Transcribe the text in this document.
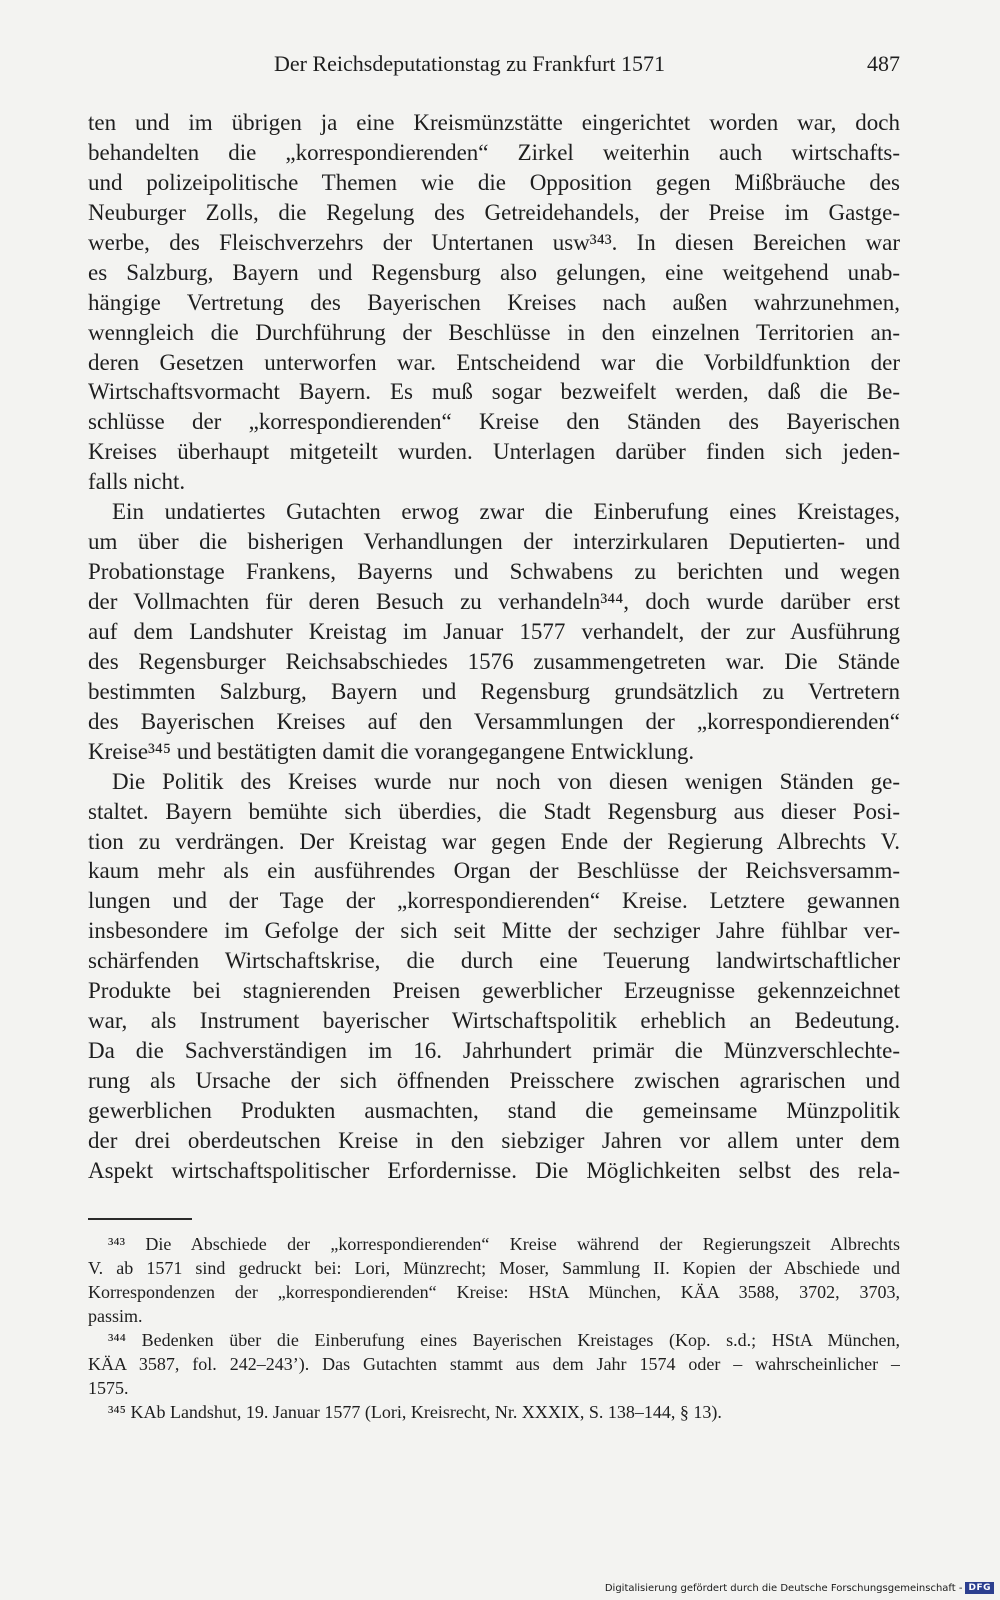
Der Reichsdeputationstag zu Frankfurt 1571	487
ten und im übrigen ja eine Kreismünzstätte eingerichtet worden war, doch
behandelten die „korrespondierenden“ Zirkel weiterhin auch wirtschafts-
und polizeipolitische Themen wie die Opposition gegen Mißbräuche des
Neuburger Zolls, die Regelung des Getreidehandels, der Preise im Gastge-
werbe, des Fleischverzehrs der Untertanen usw³⁴³. In diesen Bereichen war
es Salzburg, Bayern und Regensburg also gelungen, eine weitgehend unab-
hängige Vertretung des Bayerischen Kreises nach außen wahrzunehmen,
wenngleich die Durchführung der Beschlüsse in den einzelnen Territorien an-
deren Gesetzen unterworfen war. Entscheidend war die Vorbildfunktion der
Wirtschaftsvormacht Bayern. Es muß sogar bezweifelt werden, daß die Be-
schlüsse der „korrespondierenden“ Kreise den Ständen des Bayerischen
Kreises überhaupt mitgeteilt wurden. Unterlagen darüber finden sich jeden-
falls nicht.
Ein undatiertes Gutachten erwog zwar die Einberufung eines Kreistages,
um über die bisherigen Verhandlungen der interzirkularen Deputierten- und
Probationstage Frankens, Bayerns und Schwabens zu berichten und wegen
der Vollmachten für deren Besuch zu verhandeln³⁴⁴, doch wurde darüber erst
auf dem Landshuter Kreistag im Januar 1577 verhandelt, der zur Ausführung
des Regensburger Reichsabschiedes 1576 zusammengetreten war. Die Stände
bestimmten Salzburg, Bayern und Regensburg grundsätzlich zu Vertretern
des Bayerischen Kreises auf den Versammlungen der „korrespondierenden“
Kreise³⁴⁵ und bestätigten damit die vorangegangene Entwicklung.
Die Politik des Kreises wurde nur noch von diesen wenigen Ständen ge-
staltet. Bayern bemühte sich überdies, die Stadt Regensburg aus dieser Posi-
tion zu verdrängen. Der Kreistag war gegen Ende der Regierung Albrechts V.
kaum mehr als ein ausführendes Organ der Beschlüsse der Reichsversamm-
lungen und der Tage der „korrespondierenden“ Kreise. Letztere gewannen
insbesondere im Gefolge der sich seit Mitte der sechziger Jahre fühlbar ver-
schärfenden Wirtschaftskrise, die durch eine Teuerung landwirtschaftlicher
Produkte bei stagnierenden Preisen gewerblicher Erzeugnisse gekennzeichnet
war, als Instrument bayerischer Wirtschaftspolitik erheblich an Bedeutung.
Da die Sachverständigen im 16. Jahrhundert primär die Münzverschlechte-
rung als Ursache der sich öffnenden Preisschere zwischen agrarischen und
gewerblichen Produkten ausmachten, stand die gemeinsame Münzpolitik
der drei oberdeutschen Kreise in den siebziger Jahren vor allem unter dem
Aspekt wirtschaftspolitischer Erfordernisse. Die Möglichkeiten selbst des rela-
³⁴³ Die Abschiede der „korrespondierenden“ Kreise während der Regierungszeit Albrechts
V. ab 1571 sind gedruckt bei: Lori, Münzrecht; Moser, Sammlung II. Kopien der Abschiede und
Korrespondenzen der „korrespondierenden“ Kreise: HStA München, KÄA 3588, 3702, 3703,
passim.
³⁴⁴ Bedenken über die Einberufung eines Bayerischen Kreistages (Kop. s.d.; HStA München,
KÄA 3587, fol. 242–243’). Das Gutachten stammt aus dem Jahr 1574 oder – wahrscheinlicher –
1575.
³⁴⁵ KAb Landshut, 19. Januar 1577 (Lori, Kreisrecht, Nr. XXXIX, S. 138–144, § 13).
Digitalisierung gefördert durch die Deutsche Forschungsgemeinschaft - DFG
